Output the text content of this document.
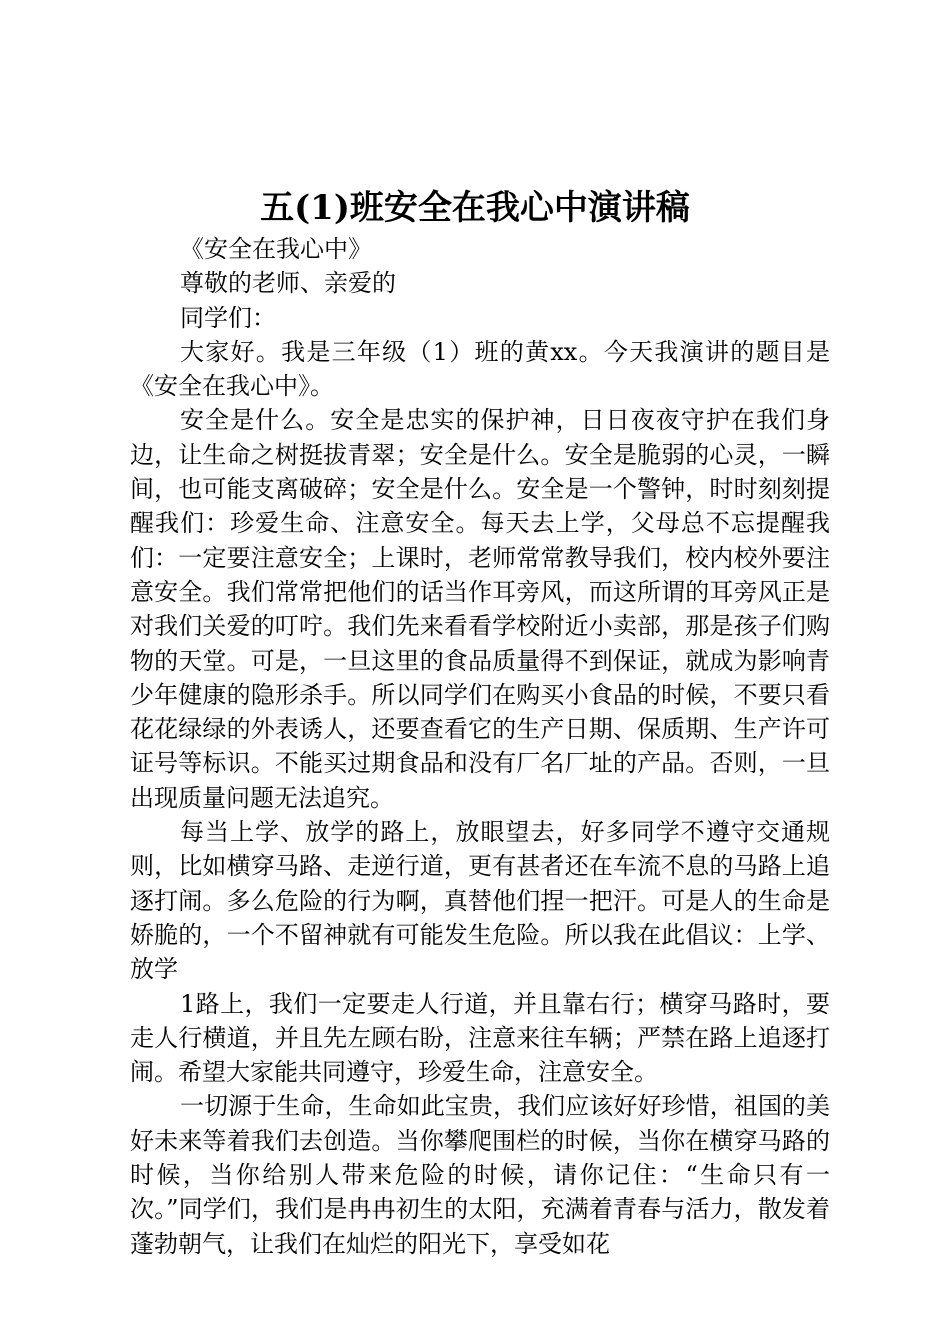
五(1)班安全在我心中演讲稿

《安全在我心中》

尊敬的老师、亲爱的

同学们：

大家好。我是三年级（1）班的黄xx。今天我演讲的题目是《安全在我心中》。

安全是什么。安全是忠实的保护神，日日夜夜守护在我们身边，让生命之树挺拔青翠；安全是什么。安全是脆弱的心灵，一瞬间，也可能支离破碎；安全是什么。安全是一个警钟，时时刻刻提醒我们：珍爱生命、注意安全。每天去上学，父母总不忘提醒我们：一定要注意安全；上课时，老师常常教导我们，校内校外要注意安全。我们常常把他们的话当作耳旁风，而这所谓的耳旁风正是对我们关爱的叮咛。我们先来看看学校附近小卖部，那是孩子们购物的天堂。可是，一旦这里的食品质量得不到保证，就成为影响青少年健康的隐形杀手。所以同学们在购买小食品的时候，不要只看花花绿绿的外表诱人，还要查看它的生产日期、保质期、生产许可证号等标识。不能买过期食品和没有厂名厂址的产品。否则，一旦出现质量问题无法追究。

每当上学、放学的路上，放眼望去，好多同学不遵守交通规则，比如横穿马路、走逆行道，更有甚者还在车流不息的马路上追逐打闹。多么危险的行为啊，真替他们捏一把汗。可是人的生命是娇脆的，一个不留神就有可能发生危险。所以我在此倡议：上学、放学

1路上，我们一定要走人行道，并且靠右行；横穿马路时，要走人行横道，并且先左顾右盼，注意来往车辆；严禁在路上追逐打闹。希望大家能共同遵守，珍爱生命，注意安全。

一切源于生命，生命如此宝贵，我们应该好好珍惜，祖国的美好未来等着我们去创造。当你攀爬围栏的时候，当你在横穿马路的时候，当你给别人带来危险的时候，请你记住：“生命只有一次。”同学们，我们是冉冉初生的太阳，充满着青春与活力，散发着蓬勃朝气，让我们在灿烂的阳光下，享受如花
